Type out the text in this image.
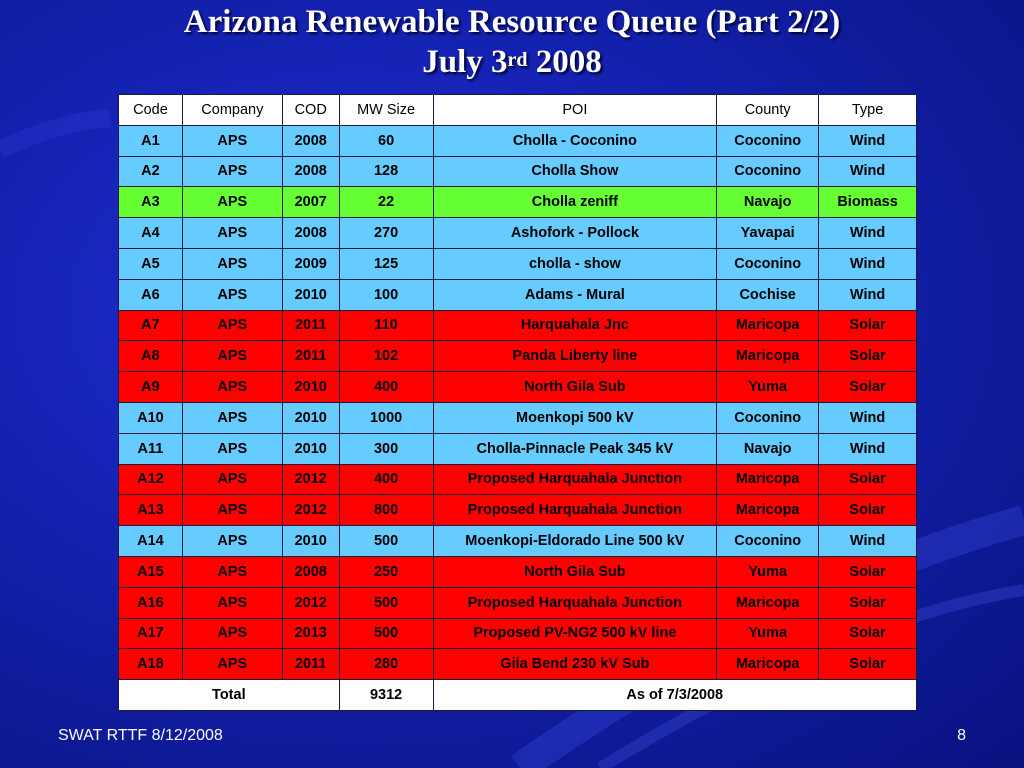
Arizona Renewable Resource Queue (Part 2/2)
July 3rd 2008
Code	Company	COD	MW Size	POI	County	Type
A1	APS	2008	60	Cholla - Coconino	Coconino	Wind
A2	APS	2008	128	Cholla Show	Coconino	Wind
A3	APS	2007	22	Cholla zeniff	Navajo	Biomass
A4	APS	2008	270	Ashofork - Pollock	Yavapai	Wind
A5	APS	2009	125	cholla - show	Coconino	Wind
A6	APS	2010	100	Adams - Mural	Cochise	Wind
A7	APS	2011	110	Harquahala Jnc	Maricopa	Solar
A8	APS	2011	102	Panda Liberty line	Maricopa	Solar
A9	APS	2010	400	North Gila Sub	Yuma	Solar
A10	APS	2010	1000	Moenkopi 500 kV	Coconino	Wind
A11	APS	2010	300	Cholla-Pinnacle Peak 345 kV	Navajo	Wind
A12	APS	2012	400	Proposed Harquahala Junction	Maricopa	Solar
A13	APS	2012	800	Proposed Harquahala Junction	Maricopa	Solar
A14	APS	2010	500	Moenkopi-Eldorado Line 500 kV	Coconino	Wind
A15	APS	2008	250	North Gila Sub	Yuma	Solar
A16	APS	2012	500	Proposed Harquahala Junction	Maricopa	Solar
A17	APS	2013	500	Proposed PV-NG2 500 kV line	Yuma	Solar
A18	APS	2011	280	Gila Bend 230 kV Sub	Maricopa	Solar
Total			9312	As of 7/3/2008		
SWAT RTTF 8/12/2008	8
